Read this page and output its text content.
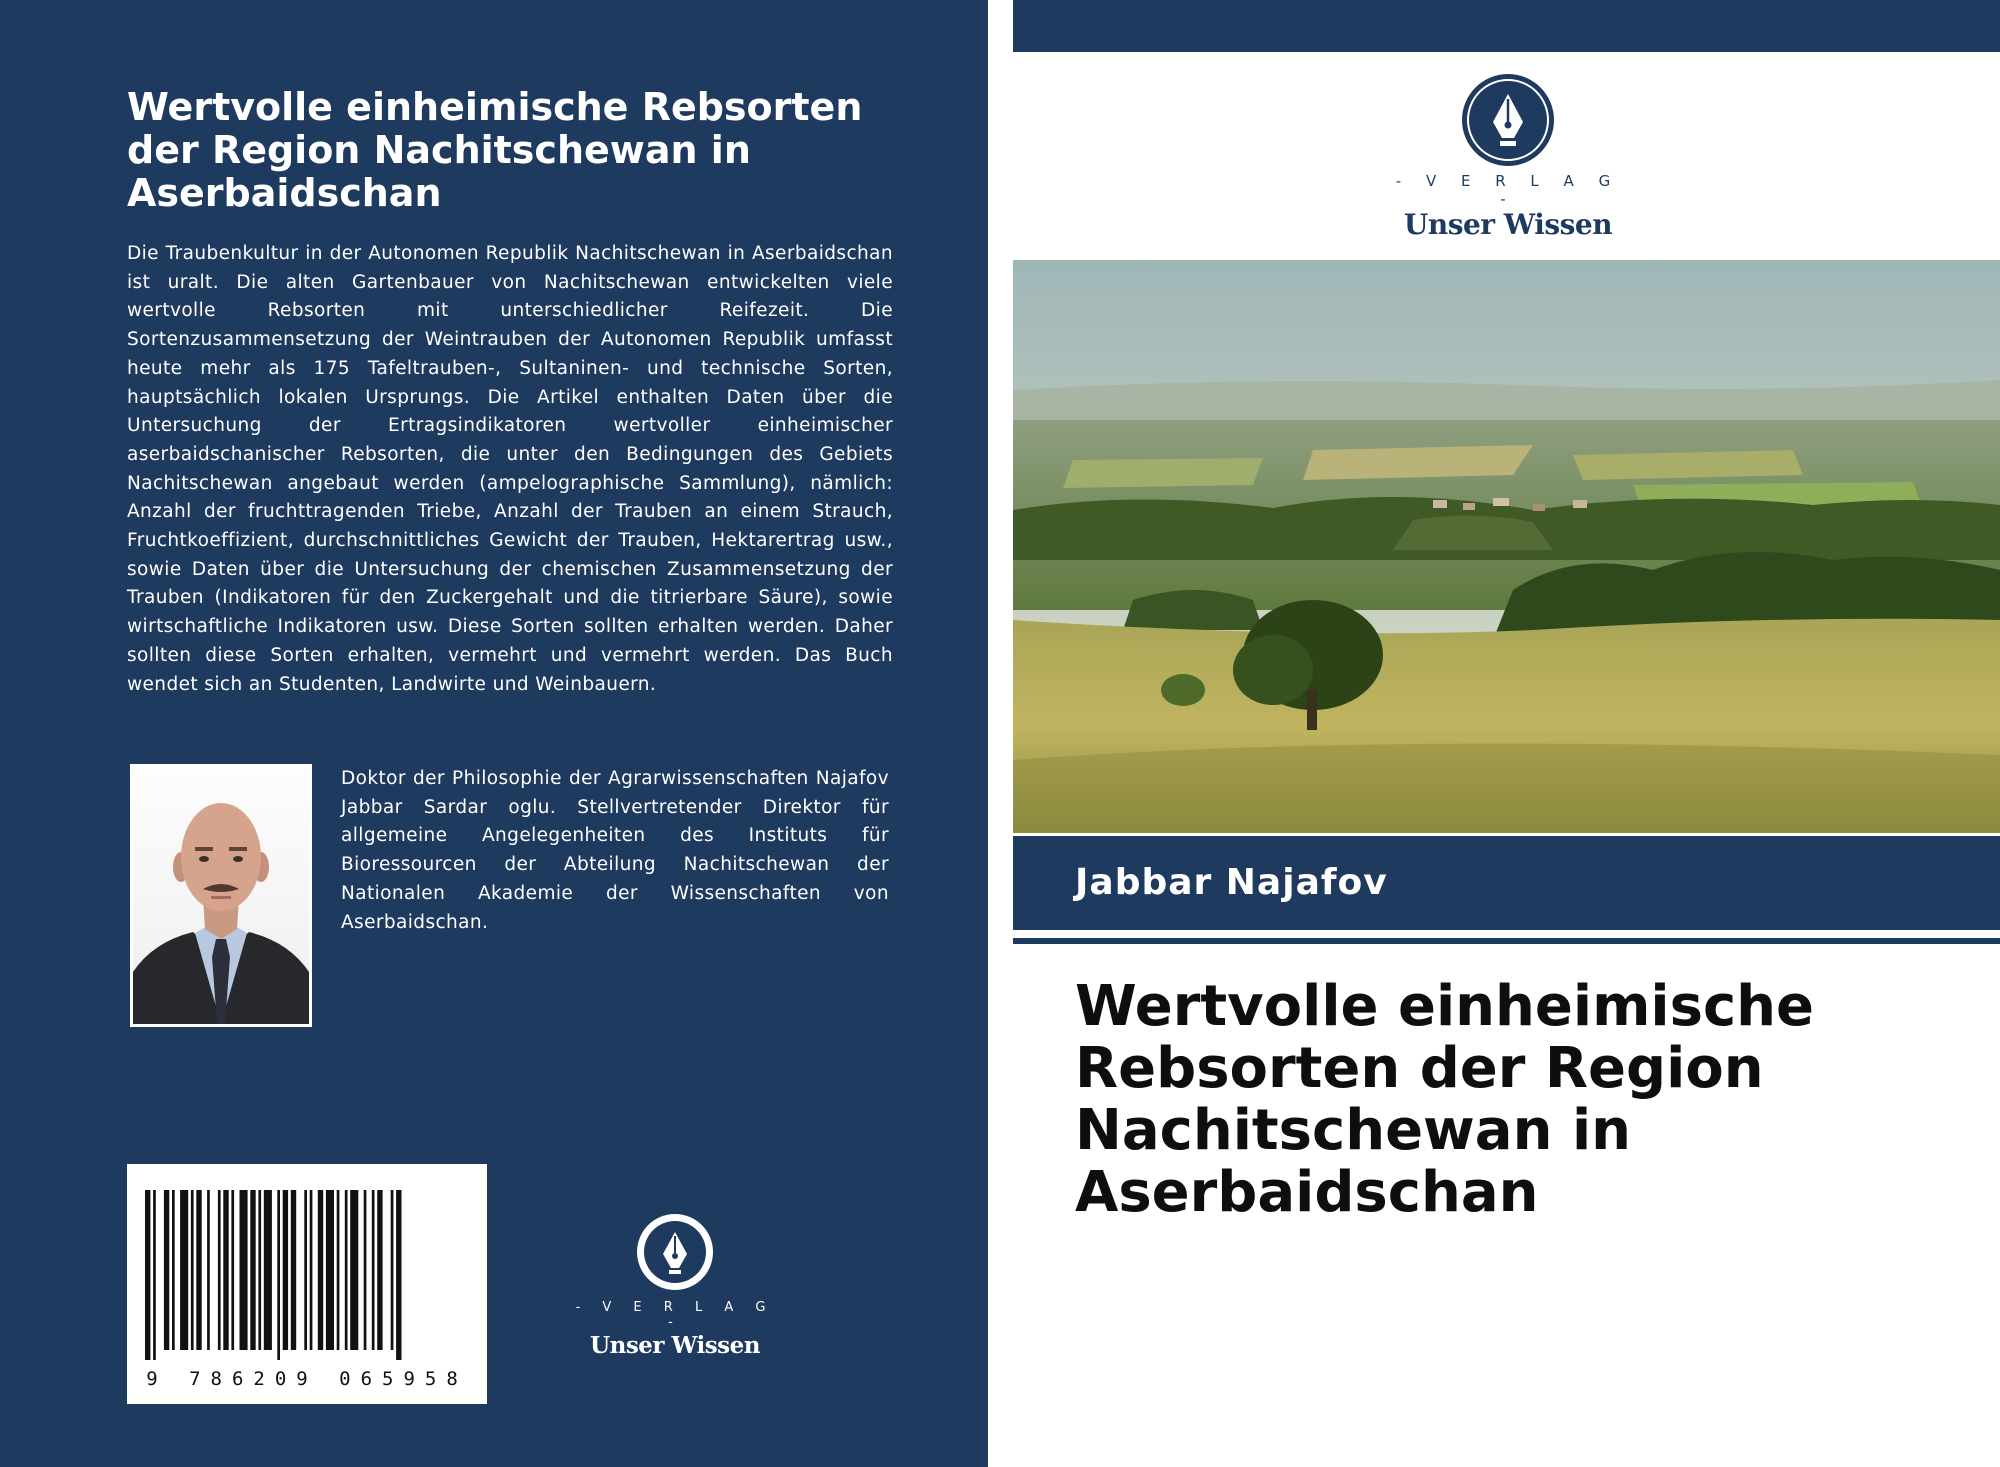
Wertvolle einheimische Rebsorten der Region Nachitschewan in Aserbaidschan
Die Traubenkultur in der Autonomen Republik Nachitschewan in Aserbaidschan ist uralt. Die alten Gartenbauer von Nachitschewan entwickelten viele wertvolle Rebsorten mit unterschiedlicher Reifezeit. Die Sortenzusammensetzung der Weintrauben der Autonomen Republik umfasst heute mehr als 175 Tafeltrauben-, Sultaninen- und technische Sorten, hauptsächlich lokalen Ursprungs. Die Artikel enthalten Daten über die Untersuchung der Ertragsindikatoren wertvoller einheimischer aserbaidschanischer Rebsorten, die unter den Bedingungen des Gebiets Nachitschewan angebaut werden (ampelographische Sammlung), nämlich: Anzahl der fruchttragenden Triebe, Anzahl der Trauben an einem Strauch, Fruchtkoeffizient, durchschnittliches Gewicht der Trauben, Hektarertrag usw., sowie Daten über die Untersuchung der chemischen Zusammensetzung der Trauben (Indikatoren für den Zuckergehalt und die titrierbare Säure), sowie wirtschaftliche Indikatoren usw. Diese Sorten sollten erhalten werden. Daher sollten diese Sorten erhalten, vermehrt und vermehrt werden. Das Buch wendet sich an Studenten, Landwirte und Weinbauern.
Doktor der Philosophie der Agrarwissenschaften Najafov Jabbar Sardar oglu. Stellvertretender Direktor für allgemeine Angelegenheiten des Instituts für Bioressourcen der Abteilung Nachitschewan der Nationalen Akademie der Wissenschaften von Aserbaidschan.
9 786209 065958
- V E R L A G -
Unser Wissen
- V E R L A G -
Unser Wissen
Jabbar Najafov
Wertvolle einheimische Rebsorten der Region Nachitschewan in Aserbaidschan
